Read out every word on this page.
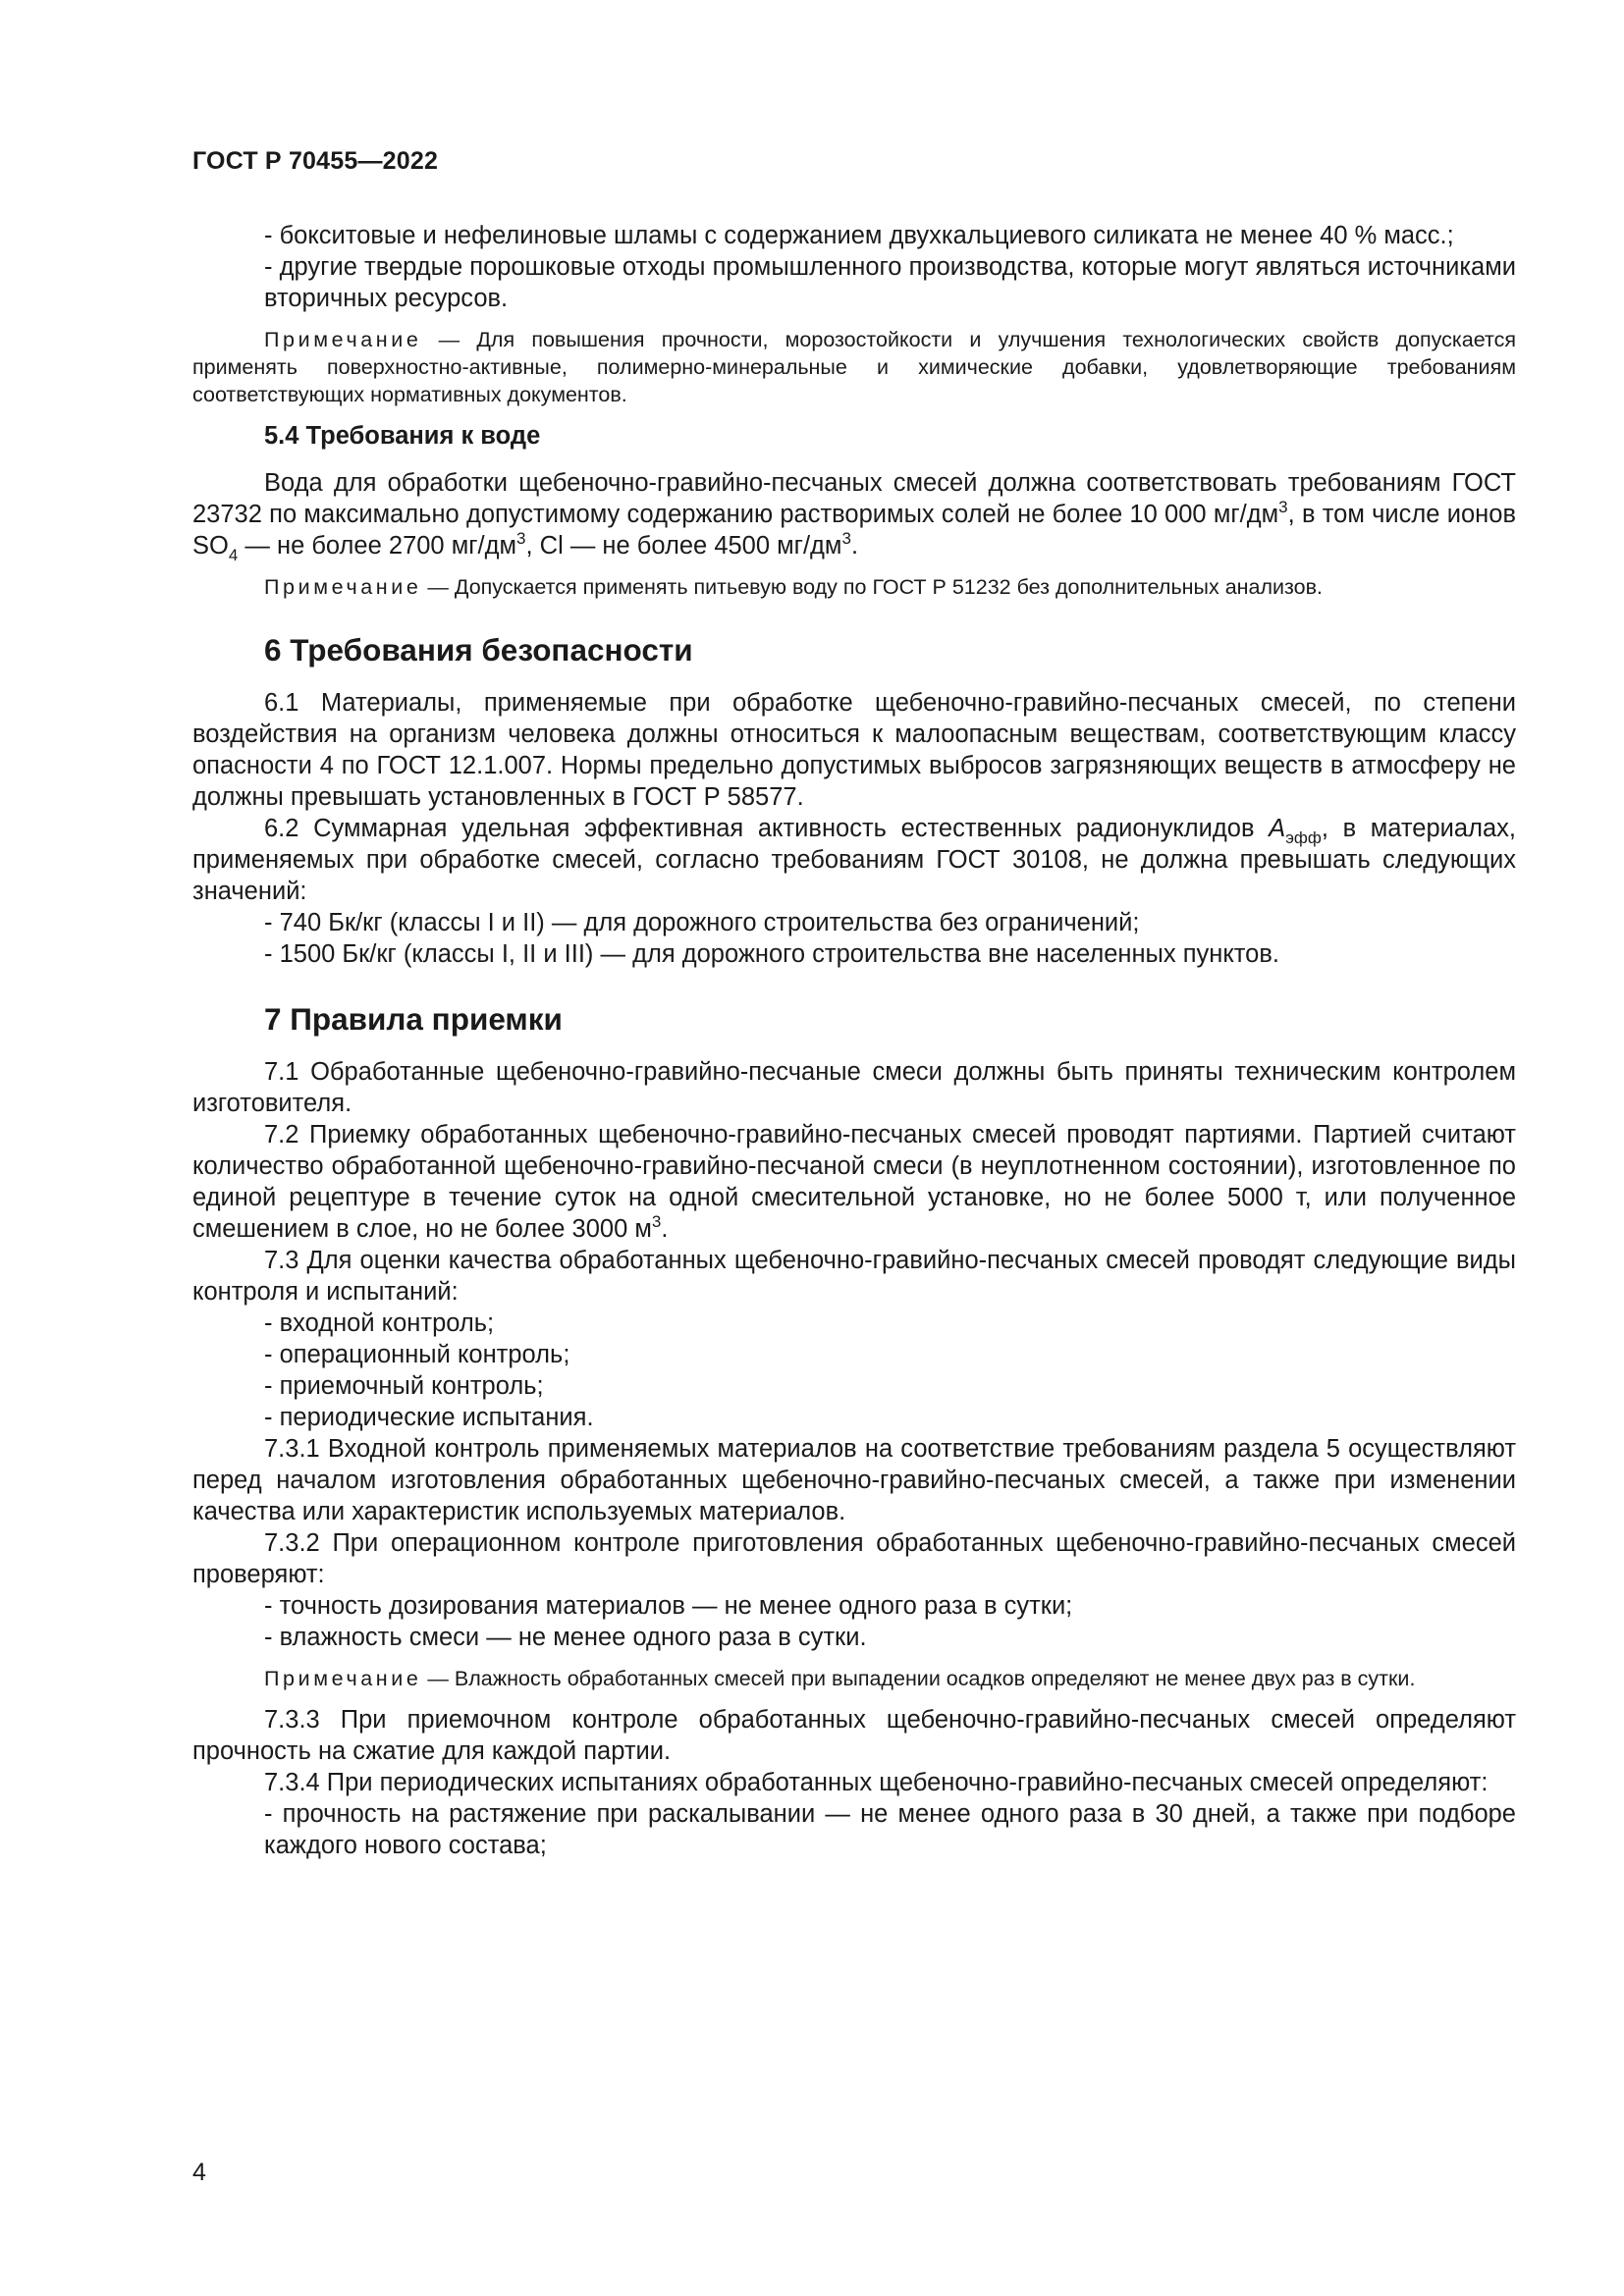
ГОСТ Р 70455—2022

- бокситовые и нефелиновые шламы с содержанием двухкальциевого силиката не менее 40 % масс.;

- другие твердые порошковые отходы промышленного производства, которые могут являться источниками вторичных ресурсов.

Примечание — Для повышения прочности, морозостойкости и улучшения технологических свойств допускается применять поверхностно-активные, полимерно-минеральные и химические добавки, удовлетворяющие требованиям соответствующих нормативных документов.

5.4 Требования к воде

Вода для обработки щебеночно-гравийно-песчаных смесей должна соответствовать требованиям ГОСТ 23732 по максимально допустимому содержанию растворимых солей не более 10 000 $мг/дм^3$, в том числе ионов $SO_4$ — не более 2700 $мг/дм^3$, Cl — не более 4500 $мг/дм^3$.

Примечание — Допускается применять питьевую воду по ГОСТ Р 51232 без дополнительных анализов.

6 Требования безопасности

6.1 Материалы, применяемые при обработке щебеночно-гравийно-песчаных смесей, по степени воздействия на организм человека должны относиться к малоопасным веществам, соответствующим классу опасности 4 по ГОСТ 12.1.007. Нормы предельно допустимых выбросов загрязняющих веществ в атмосферу не должны превышать установленных в ГОСТ Р 58577.

6.2 Суммарная удельная эффективная активность естественных радионуклидов $A_{эфф}$, в материалах, применяемых при обработке смесей, согласно требованиям ГОСТ 30108, не должна превышать следующих значений:

- 740 Бк/кг (классы I и II) — для дорожного строительства без ограничений;

- 1500 Бк/кг (классы I, II и III) — для дорожного строительства вне населенных пунктов.

7 Правила приемки

7.1 Обработанные щебеночно-гравийно-песчаные смеси должны быть приняты техническим контролем изготовителя.

7.2 Приемку обработанных щебеночно-гравийно-песчаных смесей проводят партиями. Партией считают количество обработанной щебеночно-гравийно-песчаной смеси (в неуплотненном состоянии), изготовленное по единой рецептуре в течение суток на одной смесительной установке, но не более 5000 т, или полученное смешением в слое, но не более 3000 $м^3$.

7.3 Для оценки качества обработанных щебеночно-гравийно-песчаных смесей проводят следующие виды контроля и испытаний:

- входной контроль;

- операционный контроль;

- приемочный контроль;

- периодические испытания.

7.3.1 Входной контроль применяемых материалов на соответствие требованиям раздела 5 осуществляют перед началом изготовления обработанных щебеночно-гравийно-песчаных смесей, а также при изменении качества или характеристик используемых материалов.

7.3.2 При операционном контроле приготовления обработанных щебеночно-гравийно-песчаных смесей проверяют:

- точность дозирования материалов — не менее одного раза в сутки;

- влажность смеси — не менее одного раза в сутки.

Примечание — Влажность обработанных смесей при выпадении осадков определяют не менее двух раз в сутки.

7.3.3 При приемочном контроле обработанных щебеночно-гравийно-песчаных смесей определяют прочность на сжатие для каждой партии.

7.3.4 При периодических испытаниях обработанных щебеночно-гравийно-песчаных смесей определяют:

- прочность на растяжение при раскалывании — не менее одного раза в 30 дней, а также при подборе каждого нового состава;

4
